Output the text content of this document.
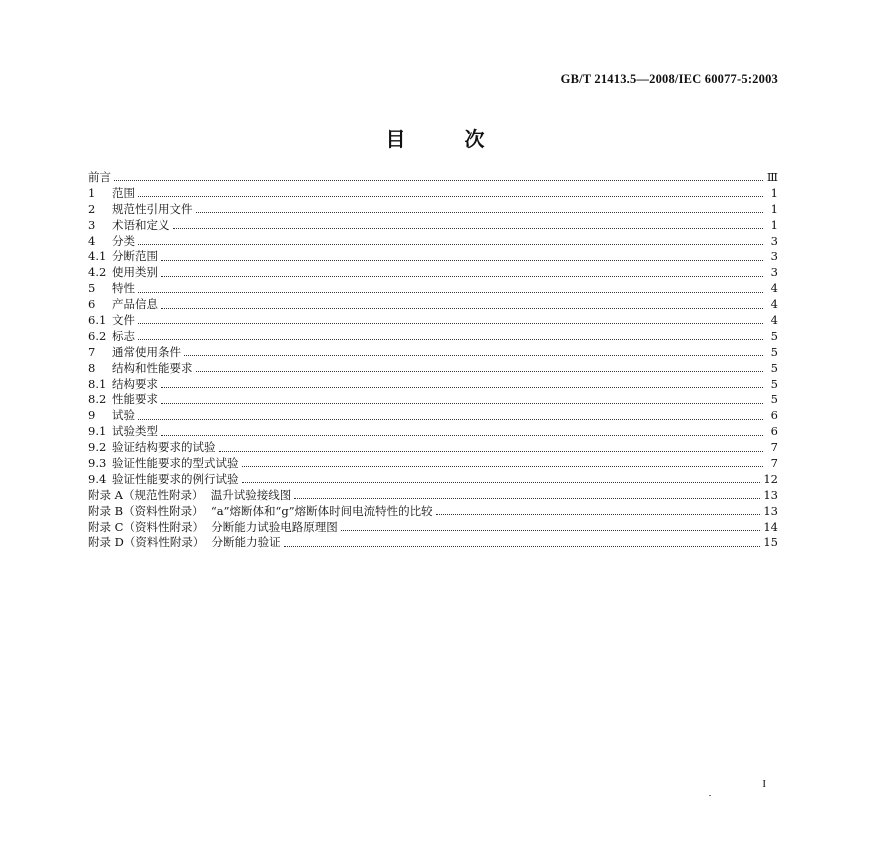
GB/T 21413.5—2008/IEC 60077-5:2003
目 次
前言	Ⅲ
1	范围	1
2	规范性引用文件	1
3	术语和定义	1
4	分类	3
4.1 分断范围	3
4.2 使用类别	3
5	特性	4
6	产品信息	4
6.1 文件	4
6.2 标志	5
7	通常使用条件	5
8	结构和性能要求	5
8.1 结构要求	5
8.2 性能要求	5
9	试验	6
9.1 试验类型	6
9.2 验证结构要求的试验	7
9.3 验证性能要求的型式试验	7
9.4 验证性能要求的例行试验	12
附录 A（规范性附录）  温升试验接线图	13
附录 B（资料性附录）  “a”熔断体和“g”熔断体时间电流特性的比较	13
附录 C（资料性附录）  分断能力试验电路原理图	14
附录 D（资料性附录）  分断能力验证	15
I
